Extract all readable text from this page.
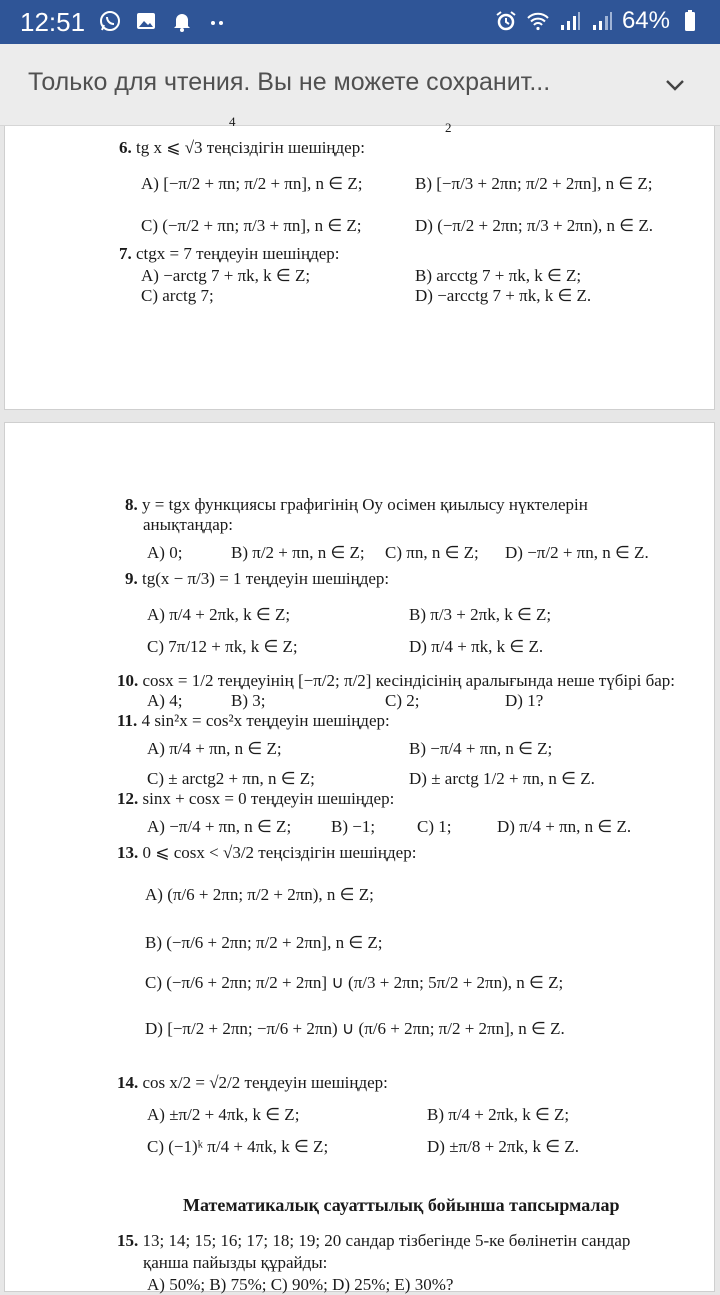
12:51	64%
Только для чтения. Вы не можете сохранит...
4	2
6. tg x ⩽ √3 теңсіздігін шешіңдер:
A) [−π/2 + πn; π/2 + πn], n ∈ Z;	B) [−π/3 + 2πn; π/2 + 2πn], n ∈ Z;
C) (−π/2 + πn; π/3 + πn], n ∈ Z;	D) (−π/2 + 2πn; π/3 + 2πn), n ∈ Z.
7. ctgx = 7 теңдеуін шешіңдер:
A) −arctg 7 + πk, k ∈ Z;	B) arcctg 7 + πk, k ∈ Z;
C) arctg 7;	D) −arcctg 7 + πk, k ∈ Z.
8. y = tgx функциясы графигінің Oy осімен қиылысу нүктелерін
анықтаңдар:
A) 0;	B) π/2 + πn, n ∈ Z; C) πn, n ∈ Z; D) −π/2 + πn, n ∈ Z.
9. tg(x − π/3) = 1 теңдеуін шешіңдер:
A) π/4 + 2πk, k ∈ Z;	B) π/3 + 2πk, k ∈ Z;
C) 7π/12 + πk, k ∈ Z;	D) π/4 + πk, k ∈ Z.
10. cosx = 1/2 теңдеуінің [−π/2; π/2] кесіндісінің аралығында неше түбірі бар:
A) 4;	B) 3;	C) 2;	D) 1?
11. 4 sin²x = cos²x теңдеуін шешіңдер:
A) π/4 + πn, n ∈ Z;	B) −π/4 + πn, n ∈ Z;
C) ± arctg2 + πn, n ∈ Z;	D) ± arctg 1/2 + πn, n ∈ Z.
12. sinx + cosx = 0 теңдеуін шешіңдер:
A) −π/4 + πn, n ∈ Z; B) −1; C) 1;	D) π/4 + πn, n ∈ Z.
13. 0 ⩽ cosx < √3/2 теңсіздігін шешіңдер:
A) (π/6 + 2πn; π/2 + 2πn), n ∈ Z;
B) (−π/6 + 2πn; π/2 + 2πn], n ∈ Z;
C) (−π/6 + 2πn; π/2 + 2πn] ∪ (π/3 + 2πn; 5π/2 + 2πn), n ∈ Z;
D) [−π/2 + 2πn; −π/6 + 2πn) ∪ (π/6 + 2πn; π/2 + 2πn], n ∈ Z.
14. cos x/2 = √2/2 теңдеуін шешіңдер:
A) ±π/2 + 4πk, k ∈ Z;	B) π/4 + 2πk, k ∈ Z;
C) (−1)ᵏ π/4 + 4πk, k ∈ Z;	D) ±π/8 + 2πk, k ∈ Z.
Математикалық сауаттылық бойынша тапсырмалар
15. 13; 14; 15; 16; 17; 18; 19; 20 сандар тізбегінде 5-ке бөлінетін сандар
қанша пайызды құрайды:
A) 50%; B) 75%; C) 90%; D) 25%; E) 30%?
